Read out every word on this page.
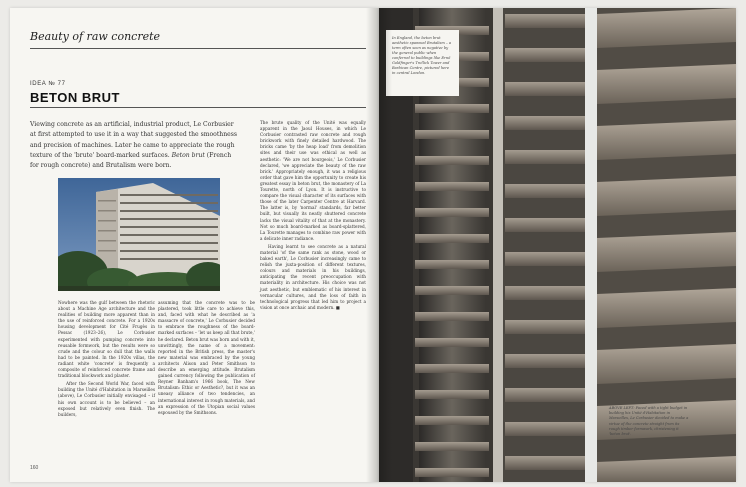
Beauty of raw concrete
IDEA № 77
BETON BRUT
Viewing concrete as an artificial, industrial product, Le Corbusier at first attempted to use it in a way that suggested the smoothness and precision of machines. Later he came to appreciate the rough texture of the 'brute' board-marked surfaces. Beton brut (French for rough concrete) and Brutalism were born.

Nowhere was the gulf between the rhetoric about a Machine Age architecture and the realities of building more apparent than in the use of reinforced concrete. For a 1920s housing development for Cité Frugès in Pessac (1923–26), Le Corbusier experimented with pumping concrete into reusable formwork, but the results were so crude and the colour so dull that the walls had to be painted. In the 1920s villas, the radiant white 'concrete' is frequently a composite of reinforced concrete frame and traditional blockwork and plaster.

After the Second World War, faced with building the Unité d'Habitation in Marseilles (above), Le Corbusier initially envisaged – if his own account is to be believed – an exposed but relatively even finish. The builders,

assuming that the concrete was to be plastered, took little care to achieve this, and, faced with what he described as 'a massacre of concrete,' Le Corbusier decided to embrace the roughness of the board-marked surfaces – 'let us keep all that brute,' he declared. Beton brut was born and with it, unwittingly, the name of a movement: reported in the British press, the master's new material was embraced by the young architects Alison and Peter Smithson to describe an emerging attitude. Brutalism gained currency following the publication of Reyner Banham's 1966 book, The New Brutalism: Ethic or Aesthetic?, but it was an uneasy alliance of two tendencies, an international interest in rough materials, and an expression of the Utopian social values espoused by the Smithsons.

The brute quality of the Unité was equally apparent in the Jaoul Houses, in which Le Corbusier contrasted raw concrete and rough brickwork with finely detailed hardwood. The bricks came 'by the heap load' from demolition sites and their use was ethical as well as aesthetic: 'We are not bourgeois,' Le Corbusier declared, 'we appreciate the beauty of the raw brick.' Appropriately enough, it was a religious order that gave him the opportunity to create his greatest essay in beton brut, the monastery of La Tourette, north of Lyon. It is instructive to compare the visual character of its surfaces with those of the later Carpenter Centre at Harvard. The latter is, by 'normal' standards, far better built, but visually its neatly shuttered concrete lacks the visual vitality of that at the monastery. Not so much board-marked as board-splattered, La Tourette manages to combine raw power with a delicate inner radiance.

Having learnt to see concrete as a natural material 'of the same rank as stone, wood or baked earth', Le Corbusier increasingly came to relish the juxta-position of different textures, colours and materials in his buildings, anticipating the recent preoccupation with materiality in architecture. His choice was not just aesthetic, but emblematic of his interest in vernacular cultures, and the loss of faith in technological progress that led him to project a vision at once archaic and modern. ■

160
In England, the beton brut aesthetic spawned Brutalism – a term often seen as negative by the general public when conferred to buildings like Ernő Goldfinger's Trellick Tower and Barbican Centre, pictured here in central London.
ABOVE LEFT: Faced with a tight budget in building his Unité d'Habitation in Marseilles, Le Corbusier decided to make a virtue of the concrete straight from its rough timber formwork, christening it 'beton brut'.
